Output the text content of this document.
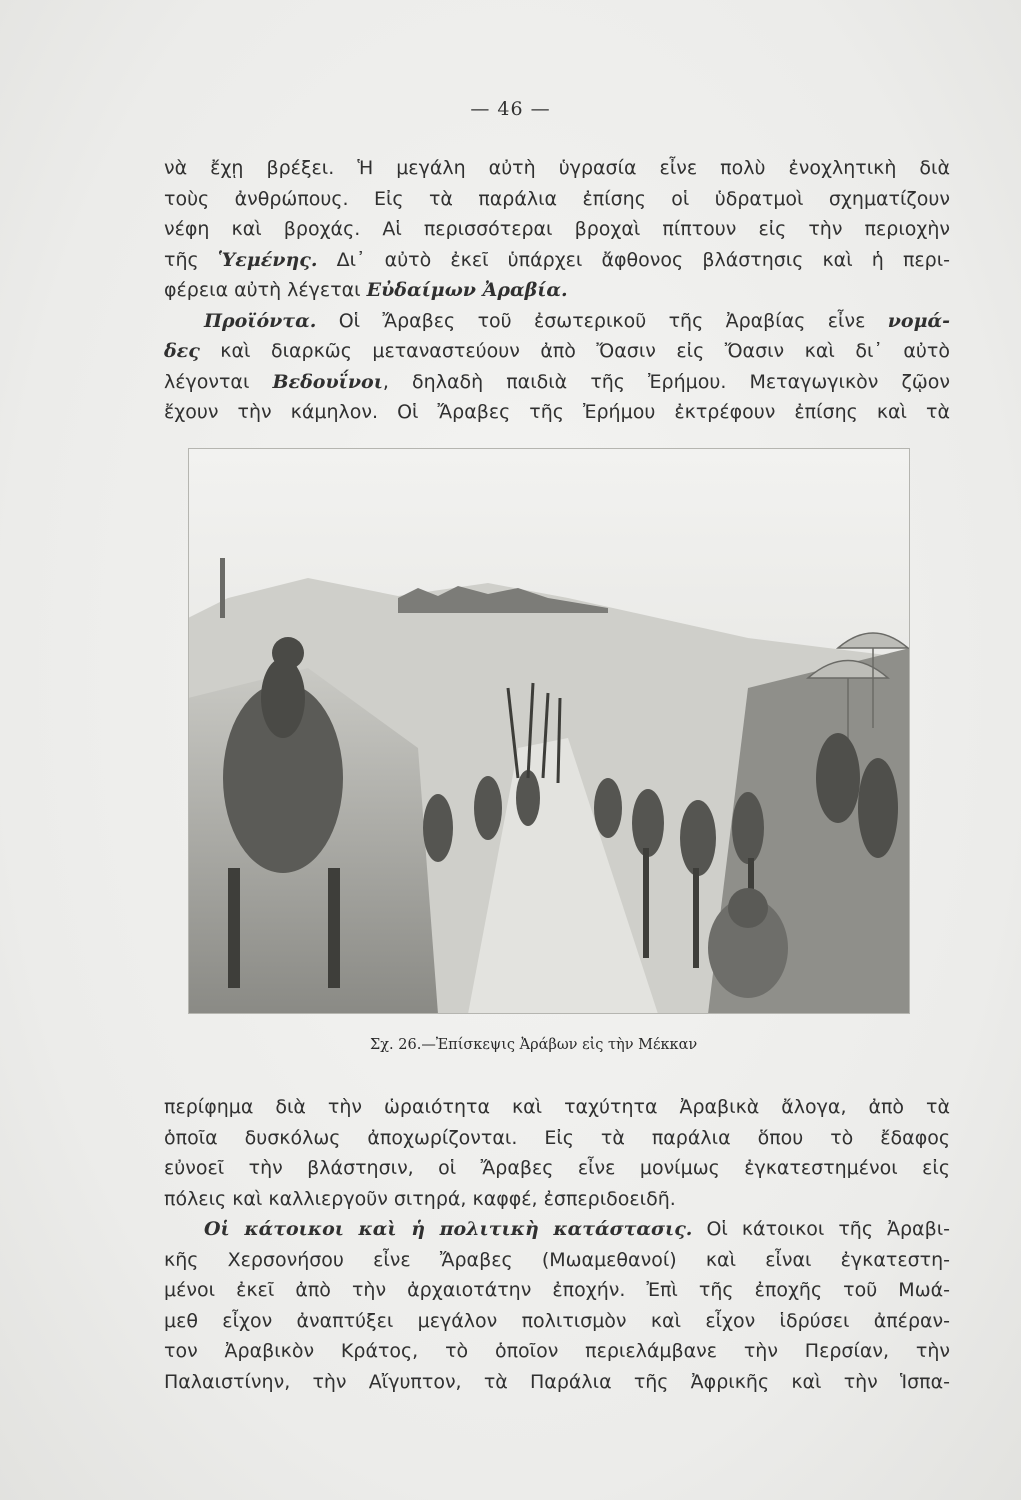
— 46 —

νὰ ἔχῃ βρέξει. Ἡ μεγάλη αὐτὴ ὑγρασία εἶνε πολὺ ἐνοχλητικὴ διὰ

τοὺς ἀνθρώπους. Εἰς τὰ παράλια ἐπίσης οἱ ὑδρατμοὶ σχηματίζουν

νέφη καὶ βροχάς. Αἱ περισσότεραι βροχαὶ πίπτουν εἰς τὴν περιοχὴν

τῆς Ὑεμένης. Δι᾽ αὐτὸ ἐκεῖ ὑπάρχει ἄφθονος βλάστησις καὶ ἡ περι-

φέρεια αὐτὴ λέγεται Εὐδαίμων Ἀραβία.

Προϊόντα. Οἱ Ἄραβες τοῦ ἐσωτερικοῦ τῆς Ἀραβίας εἶνε νομά-

δες καὶ διαρκῶς μεταναστεύουν ἀπὸ Ὄασιν εἰς Ὄασιν καὶ δι᾽ αὐτὸ

λέγονται Βεδουΐνοι, δηλαδὴ παιδιὰ τῆς Ἐρήμου. Μεταγωγικὸν ζῷον

ἔχουν τὴν κάμηλον. Οἱ Ἄραβες τῆς Ἐρήμου ἐκτρέφουν ἐπίσης καὶ τὰ

Σχ. 26.—Ἐπίσκεψις Ἀράβων εἰς τὴν Μέκκαν

περίφημα διὰ τὴν ὡραιότητα καὶ ταχύτητα Ἀραβικὰ ἄλογα, ἀπὸ τὰ

ὁποῖα δυσκόλως ἀποχωρίζονται. Εἰς τὰ παράλια ὅπου τὸ ἔδαφος

εὐνοεῖ τὴν βλάστησιν, οἱ Ἄραβες εἶνε μονίμως ἐγκατεστημένοι εἰς

πόλεις καὶ καλλιεργοῦν σιτηρά, καφφέ, ἐσπεριδοειδῆ.

Οἱ κάτοικοι καὶ ἡ πολιτικὴ κατάστασις. Οἱ κάτοικοι τῆς Ἀραβι-

κῆς Χερσονήσου εἶνε Ἄραβες (Μωαμεθανοί) καὶ εἶναι ἐγκατεστη-

μένοι ἐκεῖ ἀπὸ τὴν ἀρχαιοτάτην ἐποχήν. Ἐπὶ τῆς ἐποχῆς τοῦ Μωά-

μεθ εἶχον ἀναπτύξει μεγάλον πολιτισμὸν καὶ εἶχον ἱδρύσει ἀπέραν-

τον Ἀραβικὸν Κράτος, τὸ ὁποῖον περιελάμβανε τὴν Περσίαν, τὴν

Παλαιστίνην, τὴν Αἴγυπτον, τὰ Παράλια τῆς Ἀφρικῆς καὶ τὴν Ἱσπα-
